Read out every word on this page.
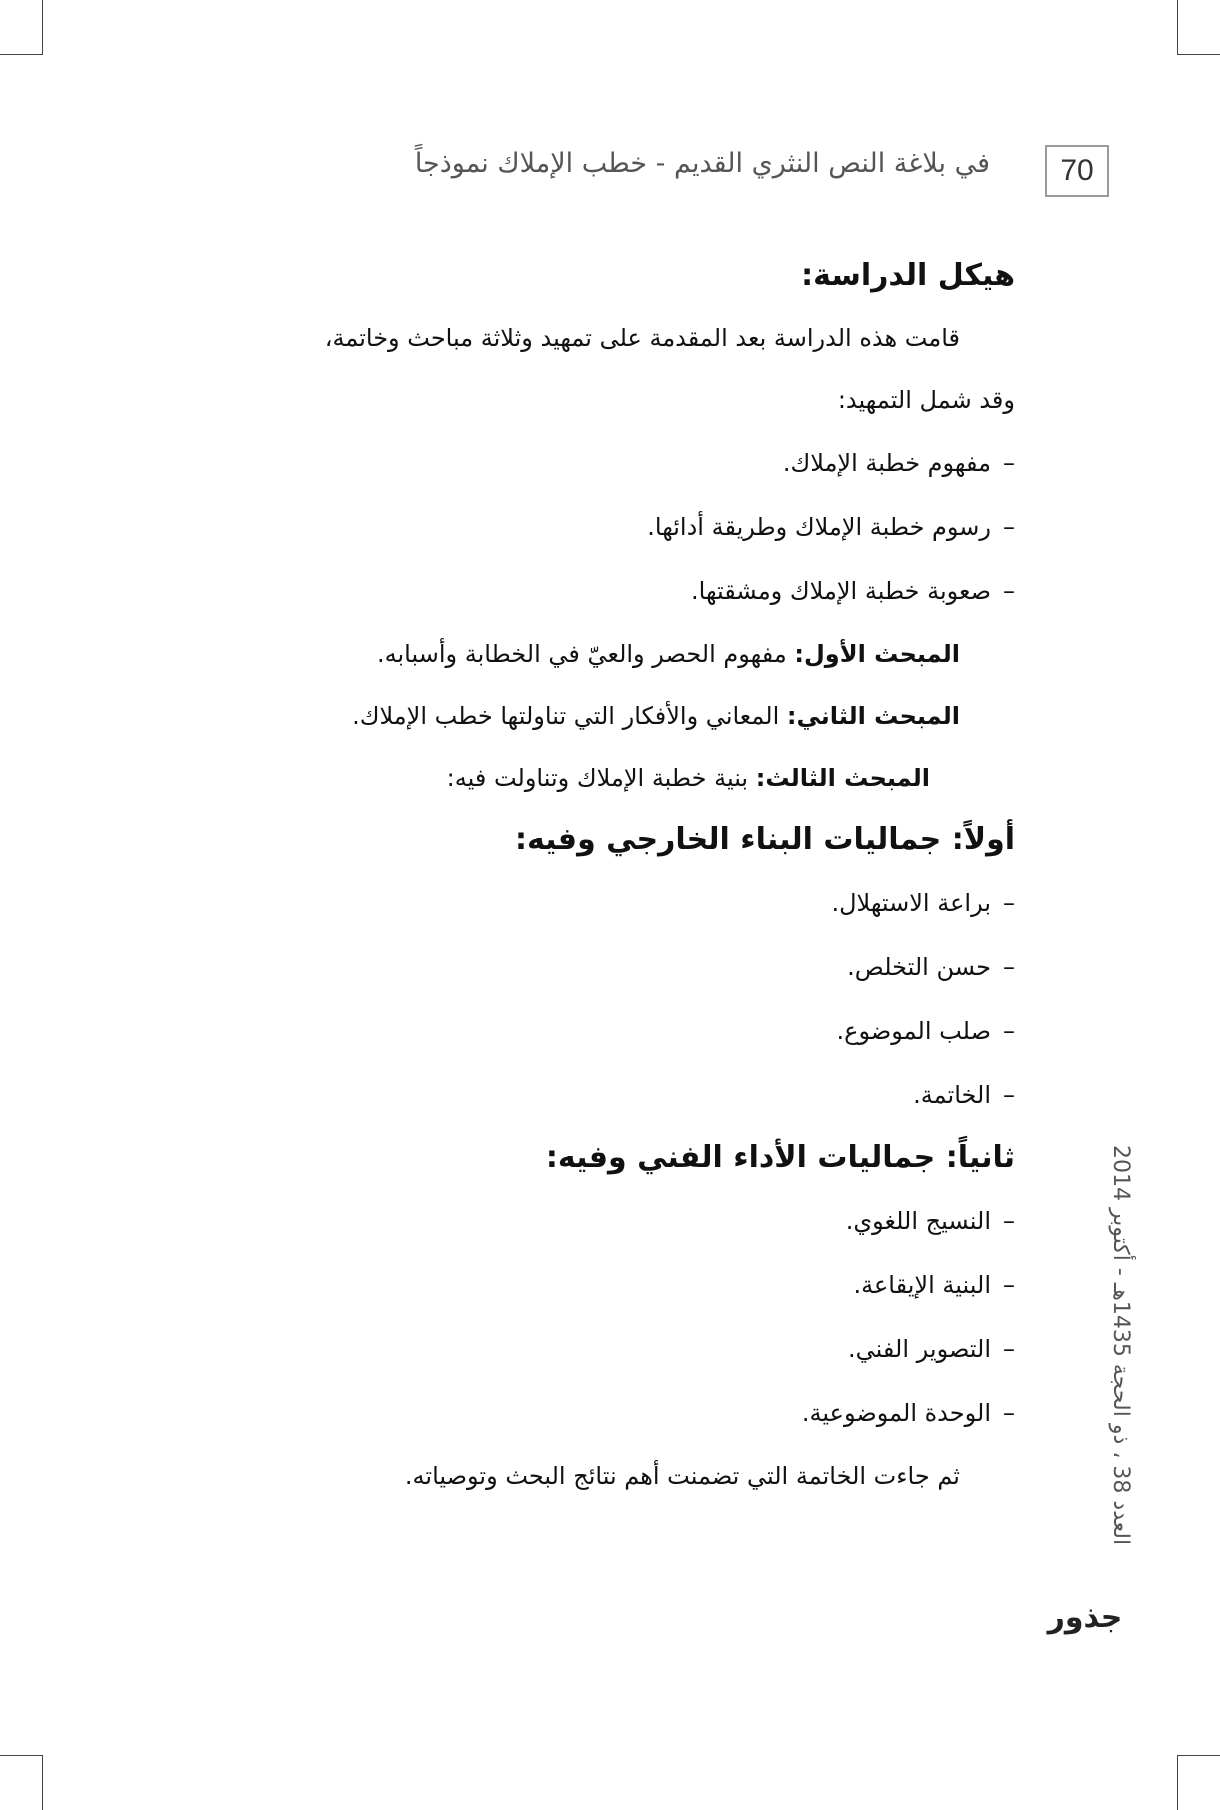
70
في بلاغة النص النثري القديم - خطب الإملاك نموذجاً

هيكل الدراسة:

قامت هذه الدراسة بعد المقدمة على تمهيد وثلاثة مباحث وخاتمة،

وقد شمل التمهيد:

–مفهوم خطبة الإملاك.

–رسوم خطبة الإملاك وطريقة أدائها.

–صعوبة خطبة الإملاك ومشقتها.

المبحث الأول: مفهوم الحصر والعيّ في الخطابة وأسبابه.

المبحث الثاني: المعاني والأفكار التي تناولتها خطب الإملاك.

المبحث الثالث: بنية خطبة الإملاك وتناولت فيه:

أولاً: جماليات البناء الخارجي وفيه:

–براعة الاستهلال.

–حسن التخلص.

–صلب الموضوع.

–الخاتمة.

ثانياً: جماليات الأداء الفني وفيه:

–النسيج اللغوي.

–البنية الإيقاعة.

–التصوير الفني.

–الوحدة الموضوعية.

ثم جاءت الخاتمة التي تضمنت أهم نتائج البحث وتوصياته.

العدد 38 ، ذو الحجة 1435هـ - أكتوبر 2014
جذور
